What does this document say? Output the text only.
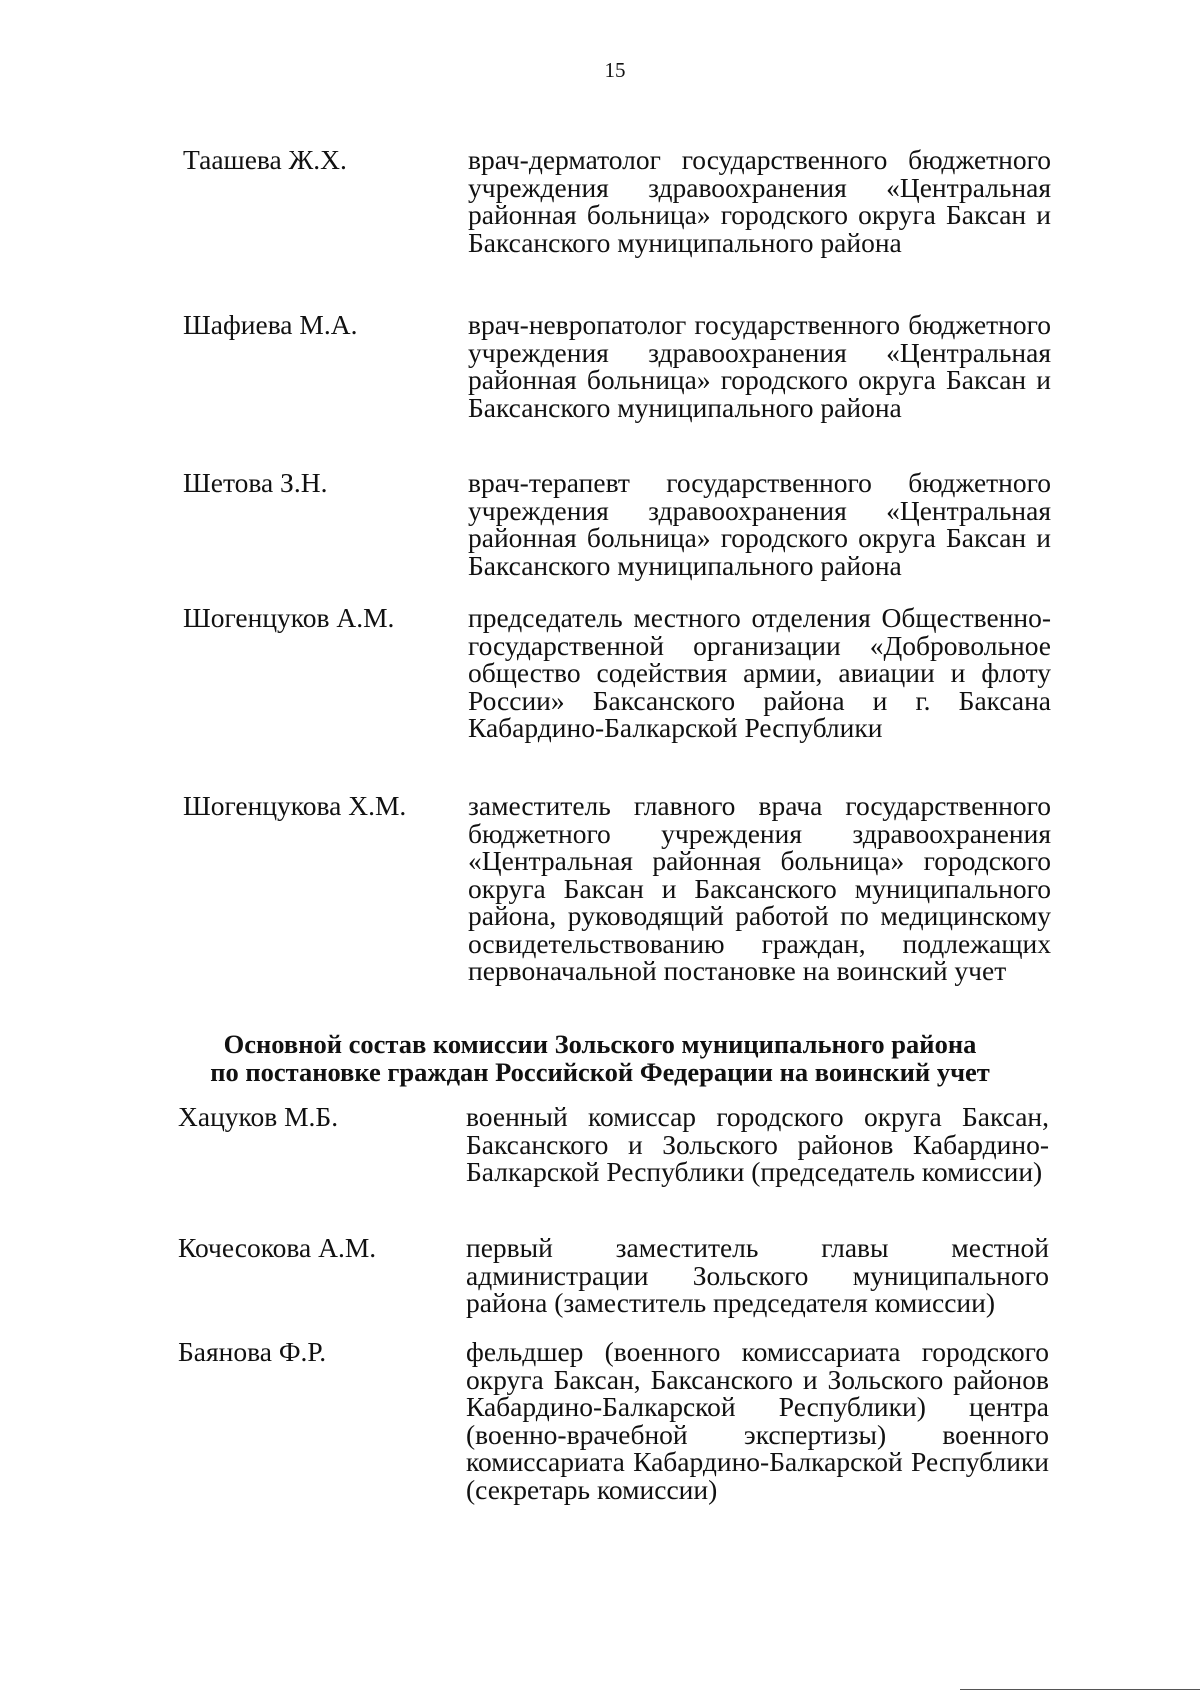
15
Таашева Ж.Х.	врач-дерматолог государственного бюджетного учреждения здравоохранения «Центральная районная больница» городского округа Баксан и Баксанского муниципального района
Шафиева М.А.	врач-невропатолог государственного бюджетного учреждения здравоохранения «Центральная районная больница» городского округа Баксан и Баксанского муниципального района
Шетова З.Н.	врач-терапевт государственного бюджетного учреждения здравоохранения «Центральная районная больница» городского округа Баксан и Баксанского муниципального района
Шогенцуков А.М.	председатель местного отделения Общественно-государственной организации «Добровольное общество содействия армии, авиации и флоту России» Баксанского района и г. Баксана Кабардино-Балкарской Республики
Шогенцукова Х.М. заместитель главного врача государственного бюджетного учреждения здравоохранения «Центральная районная больница» городского округа Баксан и Баксанского муниципального района, руководящий работой по медицинскому освидетельствованию граждан, подлежащих первоначальной постановке на воинский учет
Основной состав комиссии Зольского муниципального района
по постановке граждан Российской Федерации на воинский учет
Хацуков М.Б.	военный комиссар городского округа Баксан, Баксанского и Зольского районов Кабардино-Балкарской Республики (председатель комиссии)
Кочесокова А.М.	первый заместитель главы местной администрации Зольского муниципального района (заместитель председателя комиссии)
Баянова Ф.Р.	фельдшер (военного комиссариата городского округа Баксан, Баксанского и Зольского районов Кабардино-Балкарской Республики) центра (военно-врачебной экспертизы) военного комиссариата Кабардино-Балкарской Республики (секретарь комиссии)
